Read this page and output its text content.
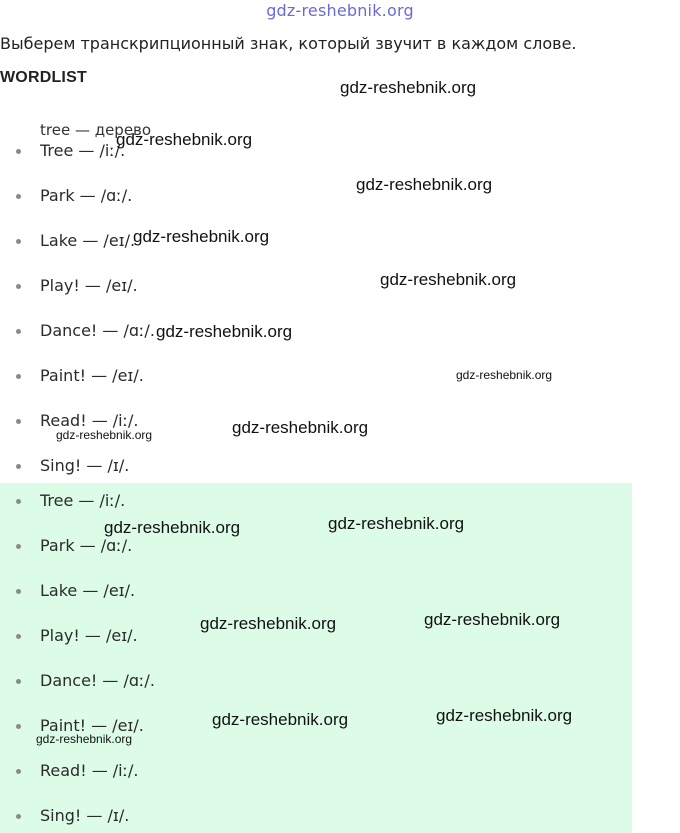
gdz-reshebnik.org
Выберем транскрипционный знак, который звучит в каждом слове.
WORDLIST
tree — дерево
Tree — /iː/.
Park — /ɑː/.
Lake — /eɪ/.
Play! — /eɪ/.
Dance! — /ɑː/.
Paint! — /eɪ/.
Read! — /iː/.
Sing! — /ɪ/.
Tree — /iː/.
Park — /ɑː/.
Lake — /eɪ/.
Play! — /eɪ/.
Dance! — /ɑː/.
Paint! — /eɪ/.
Read! — /iː/.
Sing! — /ɪ/.
gdz-reshebnik.org
gdz-reshebnik.org
gdz-reshebnik.org
gdz-reshebnik.org
gdz-reshebnik.org
gdz-reshebnik.org
gdz-reshebnik.org
gdz-reshebnik.org
gdz-reshebnik.org
gdz-reshebnik.org	gdz-reshebnik.org
gdz-reshebnik.org	gdz-reshebnik.org
gdz-reshebnik.org	gdz-reshebnik.org
gdz-reshebnik.org
